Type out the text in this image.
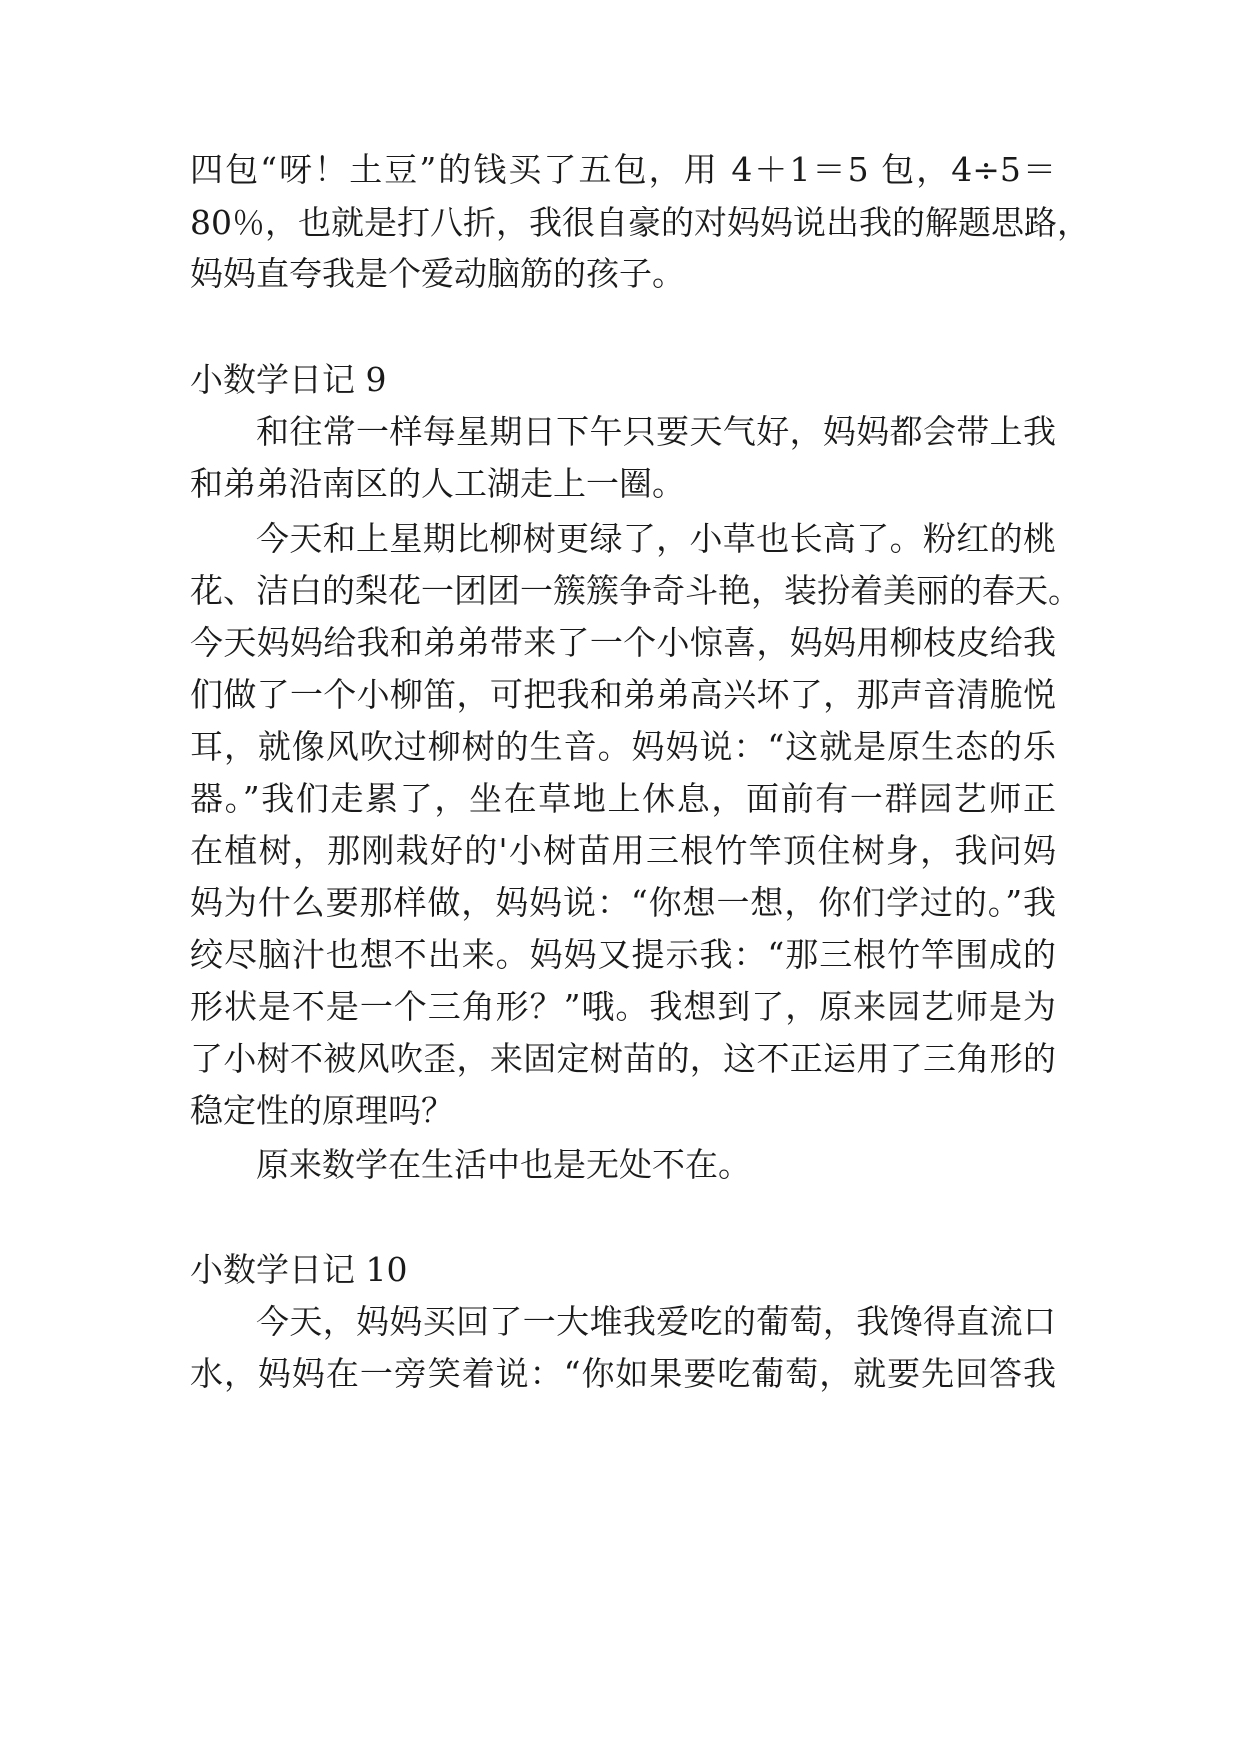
四包“呀！土豆”的钱买了五包，用 4＋1＝5 包，4÷5＝
80％，也就是打八折，我很自豪的对妈妈说出我的解题思路，
妈妈直夸我是个爱动脑筋的孩子。
小数学日记 9
和往常一样每星期日下午只要天气好，妈妈都会带上我
和弟弟沿南区的人工湖走上一圈。
今天和上星期比柳树更绿了，小草也长高了。粉红的桃
花、洁白的梨花一团团一簇簇争奇斗艳，装扮着美丽的春天。
今天妈妈给我和弟弟带来了一个小惊喜，妈妈用柳枝皮给我
们做了一个小柳笛，可把我和弟弟高兴坏了，那声音清脆悦
耳，就像风吹过柳树的生音。妈妈说：“这就是原生态的乐
器。”我们走累了，坐在草地上休息，面前有一群园艺师正
在植树，那刚栽好的'小树苗用三根竹竿顶住树身，我问妈
妈为什么要那样做，妈妈说：“你想一想，你们学过的。”我
绞尽脑汁也想不出来。妈妈又提示我：“那三根竹竿围成的
形状是不是一个三角形？”哦。我想到了，原来园艺师是为
了小树不被风吹歪，来固定树苗的，这不正运用了三角形的
稳定性的原理吗？
原来数学在生活中也是无处不在。
小数学日记 10
今天，妈妈买回了一大堆我爱吃的葡萄，我馋得直流口
水，妈妈在一旁笑着说：“你如果要吃葡萄，就要先回答我
